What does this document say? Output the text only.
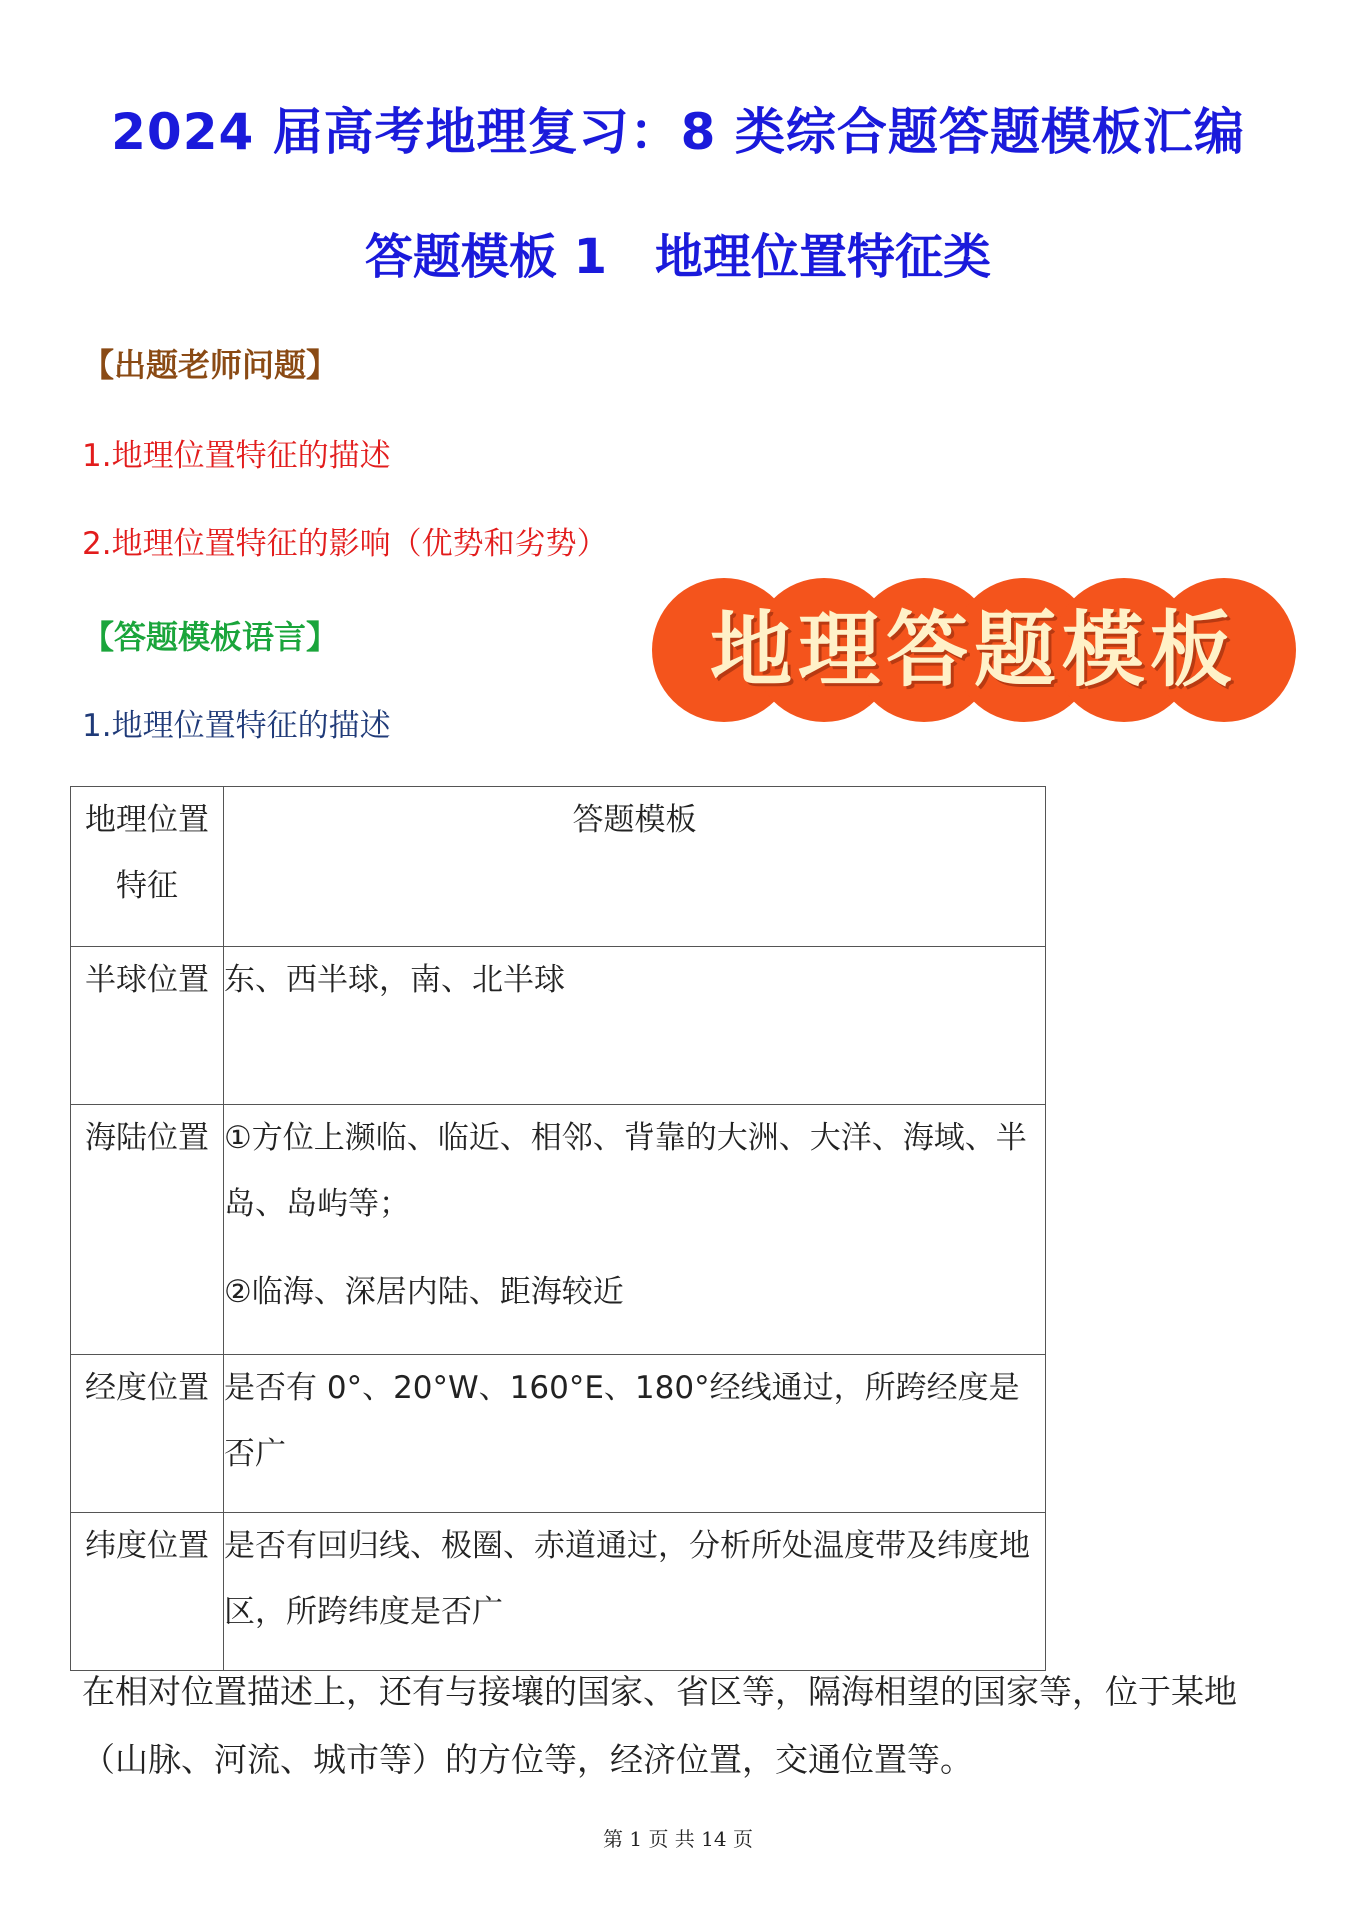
2024 届高考地理复习：8 类综合题答题模板汇编
答题模板 1 地理位置特征类
【出题老师问题】
1.地理位置特征的描述
2.地理位置特征的影响（优势和劣势）
【答题模板语言】
1.地理位置特征的描述
地理答题模板
地理位置特征	答题模板
半球位置	东、西半球，南、北半球

海陆位置	①方位上濒临、临近、相邻、背靠的大洲、大洋、海域、半岛、岛屿等；

②临海、深居内陆、距海较近

经度位置	是否有 0°、20°W、160°E、180°经线通过，所跨经度是否广

纬度位置	是否有回归线、极圈、赤道通过，分析所处温度带及纬度地区，所跨纬度是否广

在相对位置描述上，还有与接壤的国家、省区等，隔海相望的国家等，位于某地（山脉、河流、城市等）的方位等，经济位置，交通位置等。
第 1 页 共 14 页
